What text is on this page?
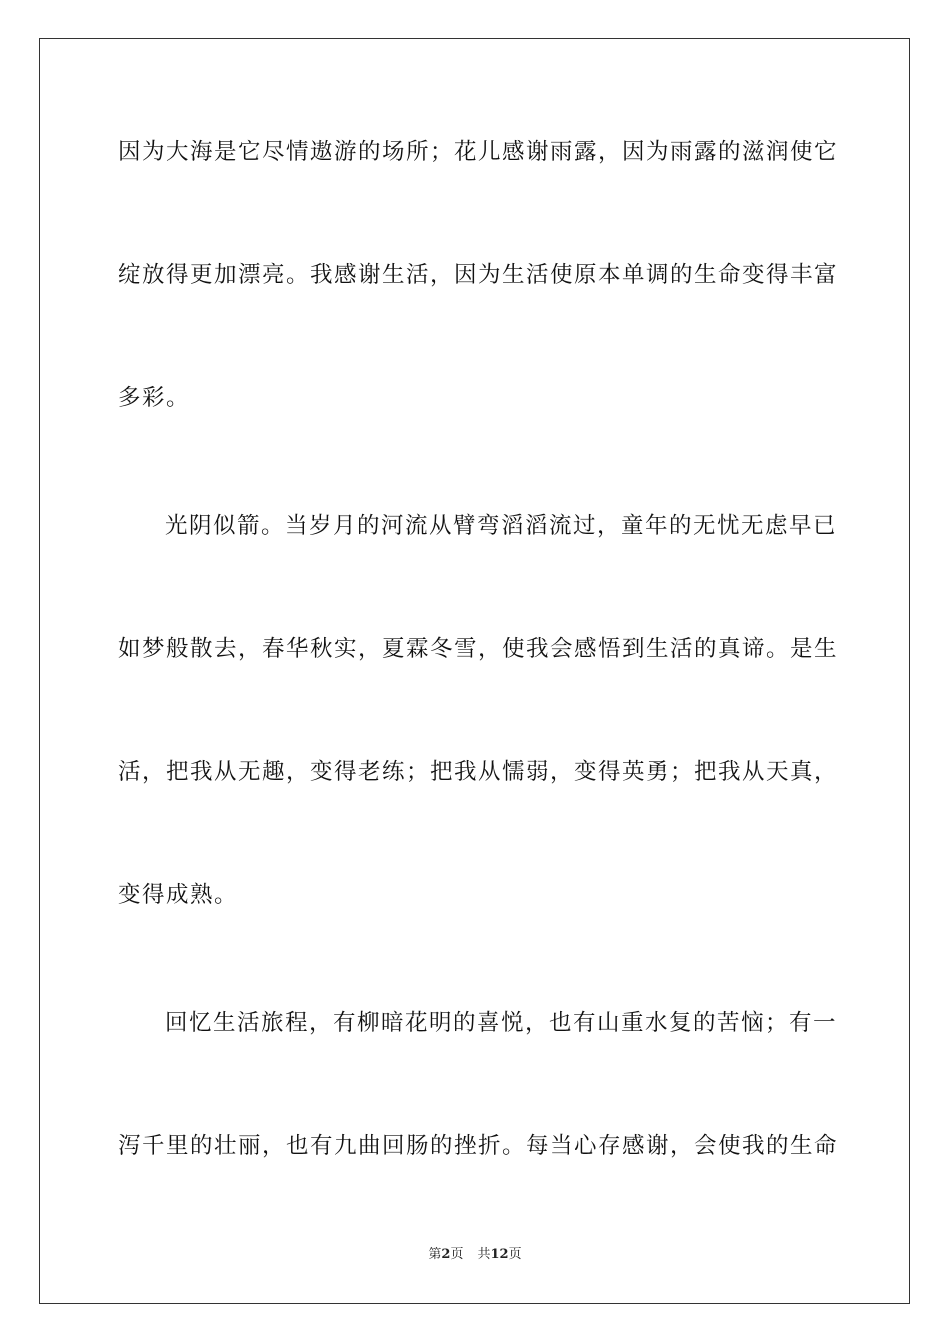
因为大海是它尽情遨游的场所；花儿感谢雨露，因为雨露的滋润使它
绽放得更加漂亮。我感谢生活，因为生活使原本单调的生命变得丰富
多彩。
光阴似箭。当岁月的河流从臂弯滔滔流过，童年的无忧无虑早已
如梦般散去，春华秋实，夏霖冬雪，使我会感悟到生活的真谛。是生
活，把我从无趣，变得老练；把我从懦弱，变得英勇；把我从天真，
变得成熟。
回忆生活旅程，有柳暗花明的喜悦，也有山重水复的苦恼；有一
泻千里的壮丽，也有九曲回肠的挫折。每当心存感谢，会使我的生命
第2页 共12页
